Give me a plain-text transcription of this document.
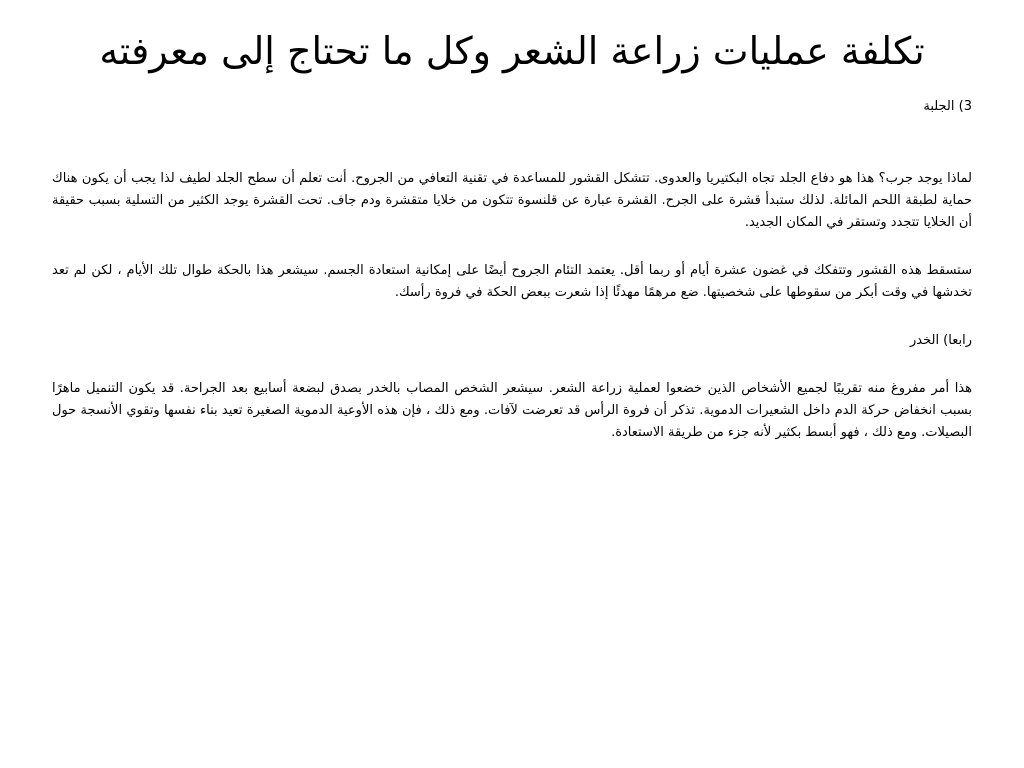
تكلفة عمليات زراعة الشعر وكل ما تحتاج إلى معرفته

3) الجلبة

لماذا يوجد جرب؟ هذا هو دفاع الجلد تجاه البكتيريا والعدوى. تتشكل القشور للمساعدة في تقنية التعافي من الجروح. أنت تعلم أن سطح الجلد لطيف لذا يجب أن يكون هناك حماية لطبقة اللحم المائلة. لذلك ستبدأ قشرة على الجرح. القشرة عبارة عن قلنسوة تتكون من خلايا متقشرة ودم جاف. تحت القشرة يوجد الكثير من التسلية بسبب حقيقة أن الخلايا تتجدد وتستقر في المكان الجديد.

ستسقط هذه القشور وتتفكك في غضون عشرة أيام أو ربما أقل. يعتمد التئام الجروح أيضًا على إمكانية استعادة الجسم. سيشعر هذا بالحكة طوال تلك الأيام ، لكن لم تعد تخدشها في وقت أبكر من سقوطها على شخصيتها. ضع مرهمًا مهدئًا إذا شعرت ببعض الحكة في فروة رأسك.

رابعا) الخدر

هذا أمر مفروغ منه تقريبًا لجميع الأشخاص الذين خضعوا لعملية زراعة الشعر. سيشعر الشخص المصاب بالخدر بصدق لبضعة أسابيع بعد الجراحة. قد يكون التنميل ماهرًا بسبب انخفاض حركة الدم داخل الشعيرات الدموية. تذكر أن فروة الرأس قد تعرضت لآفات. ومع ذلك ، فإن هذه الأوعية الدموية الصغيرة تعيد بناء نفسها وتقوي الأنسجة حول البصيلات. ومع ذلك ، فهو أبسط بكثير لأنه جزء من طريقة الاستعادة.
